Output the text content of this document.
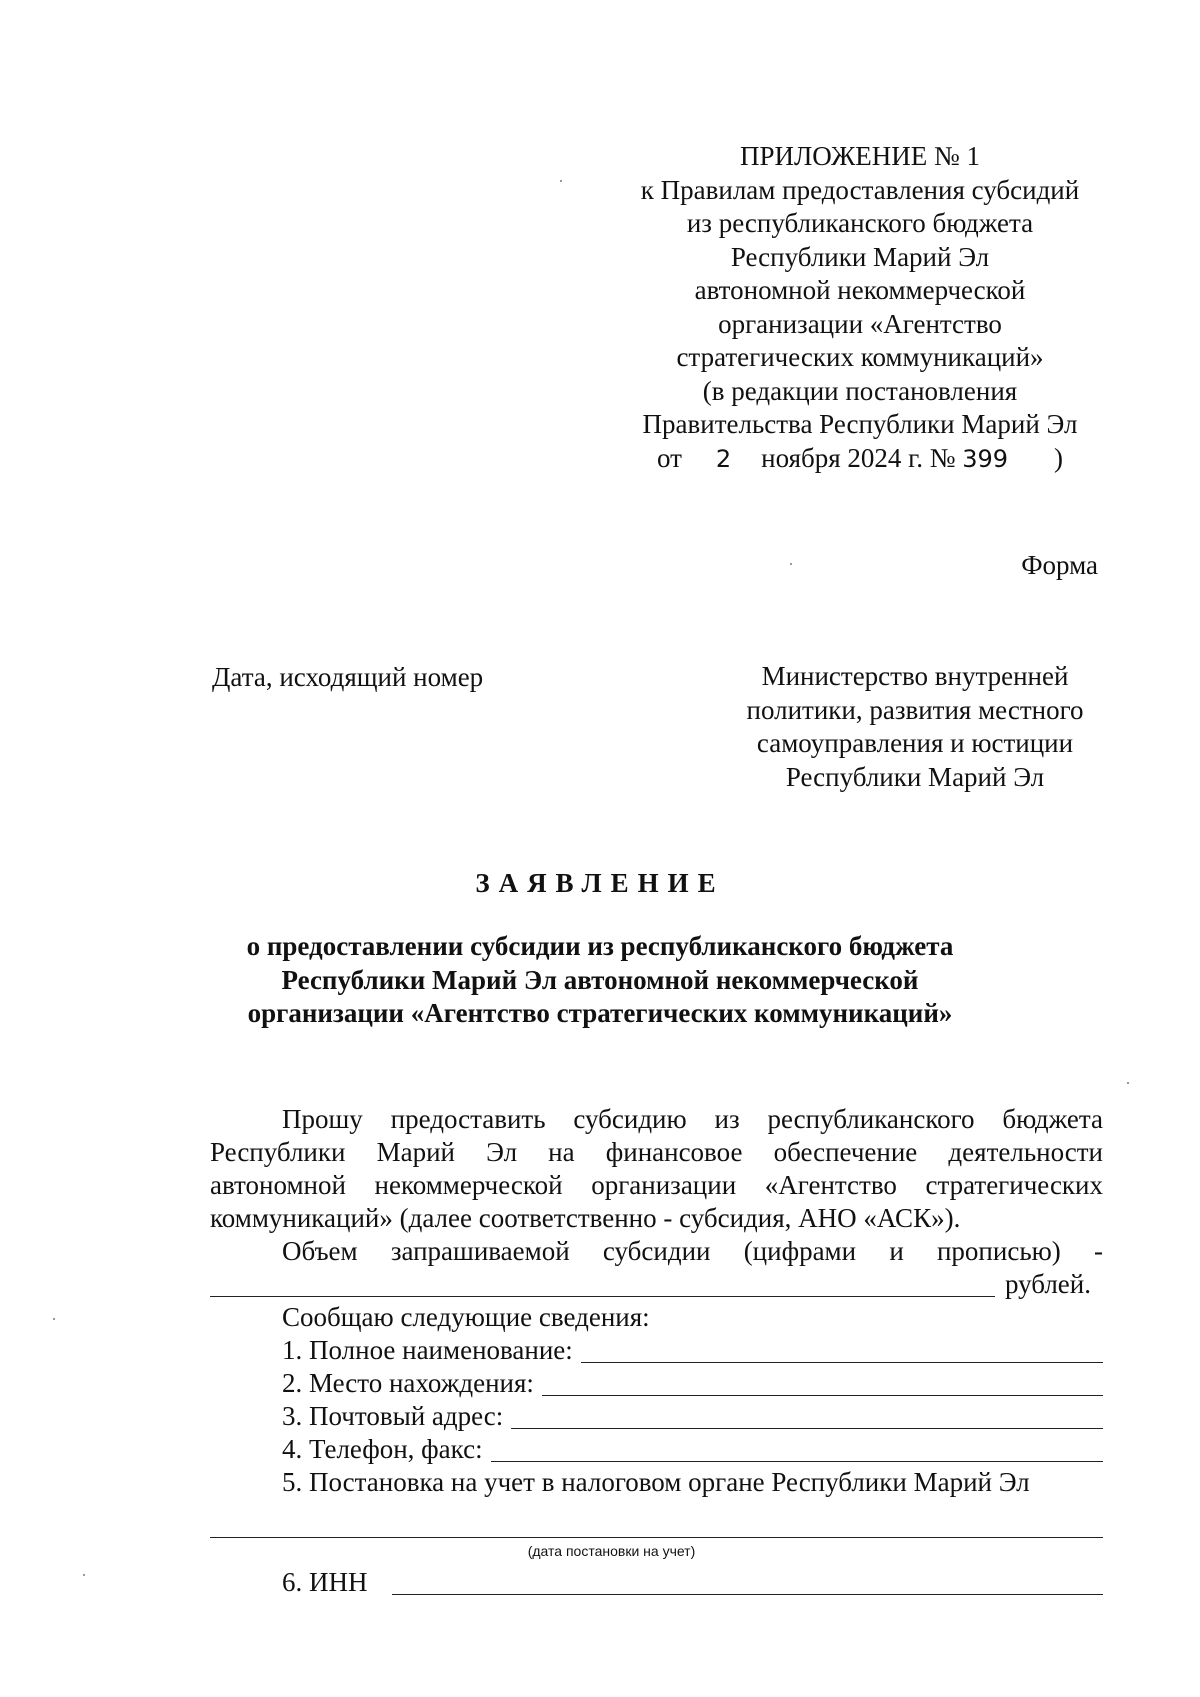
ПРИЛОЖЕНИЕ № 1
к Правилам предоставления субсидий
из республиканского бюджета
Республики Марий Эл
автономной некоммерческой
организации «Агентство
стратегических коммуникаций»
(в редакции постановления
Правительства Республики Марий Эл
от 2 ноября 2024 г. № 399 )
Форма
Дата, исходящий номер	Министерство внутренней
политики, развития местного
самоуправления и юстиции
Республики Марий Эл
ЗАЯВЛЕНИЕ
о предоставлении субсидии из республиканского бюджета
Республики Марий Эл автономной некоммерческой
организации «Агентство стратегических коммуникаций»
Прошу предоставить субсидию из республиканского бюджета
Республики Марий Эл на финансовое обеспечение деятельности
автономной некоммерческой организации «Агентство стратегических
коммуникаций» (далее соответственно - субсидия, АНО «АСК»).
Объем запрашиваемой субсидии (цифрами и прописью) -
рублей.
Сообщаю следующие сведения:
1. Полное наименование:
2. Место нахождения:
3. Почтовый адрес:
4. Телефон, факс:
5. Постановка на учет в налоговом органе Республики Марий Эл
(дата постановки на учет)
6. ИНН
